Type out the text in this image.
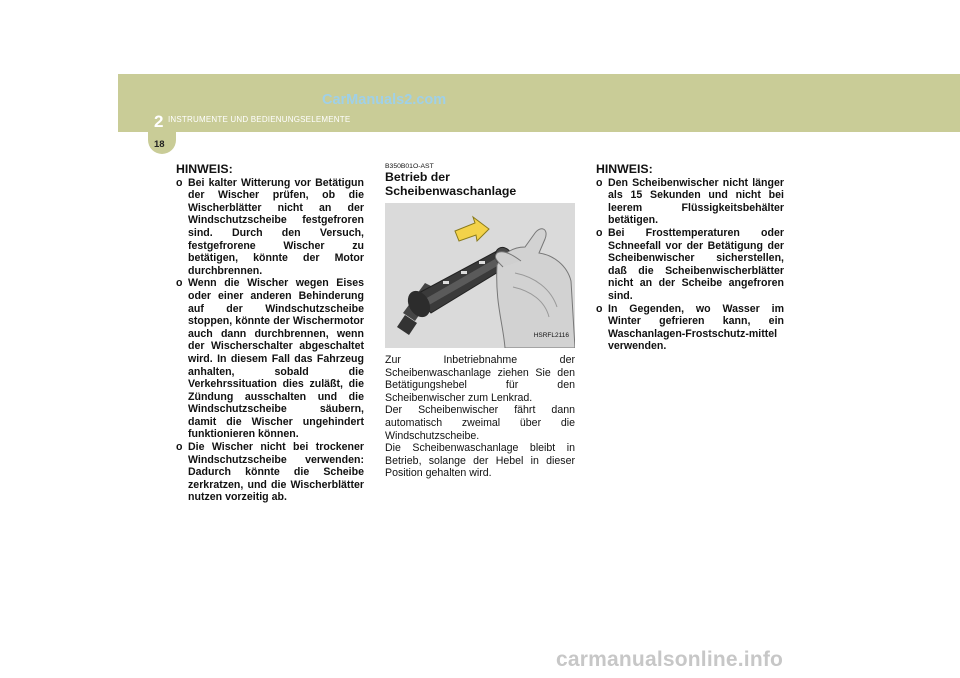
2 INSTRUMENTE UND BEDIENUNGSELEMENTE
CarManuals2.com
18
HINWEIS:
o Bei kalter Witterung vor Betätigun der Wischer prüfen, ob die Wischerblätter nicht an der Windschutzscheibe festgefroren sind. Durch den Versuch, festgefrorene Wischer zu betätigen, könnte der Motor durchbrennen.
o Wenn die Wischer wegen Eises oder einer anderen Behinderung auf der Windschutzscheibe stoppen, könnte der Wischermotor auch dann durchbrennen, wenn der Wischerschalter abgeschaltet wird. In diesem Fall das Fahrzeug anhalten, sobald die Verkehrssituation dies zuläßt, die Zündung ausschalten und die Windschutzscheibe säubern, damit die Wischer ungehindert funktionieren können.
o Die Wischer nicht bei trockener Windschutzscheibe verwenden: Dadurch könnte die Scheibe zerkratzen, und die Wischerblätter nutzen vorzeitig ab.
B350B01O-AST
Betrieb der Scheibenwaschanlage
HSRFL2116
Zur Inbetriebnahme der Scheibenwaschanlage ziehen Sie den Betätigungshebel für den Scheibenwischer zum Lenkrad.
Der Scheibenwischer fährt dann automatisch zweimal über die Windschutzscheibe.
Die Scheibenwaschanlage bleibt in Betrieb, solange der Hebel in dieser Position gehalten wird.
HINWEIS:
o Den Scheibenwischer nicht länger als 15 Sekunden und nicht bei leerem Flüssigkeitsbehälter betätigen.
o Bei Frosttemperaturen oder Schneefall vor der Betätigung der Scheibenwischer sicherstellen, daß die Scheibenwischerblätter nicht an der Scheibe angefroren sind.
o In Gegenden, wo Wasser im Winter gefrieren kann, ein Waschanlagen-Frostschutz-mittel verwenden.
carmanualsonline.info
